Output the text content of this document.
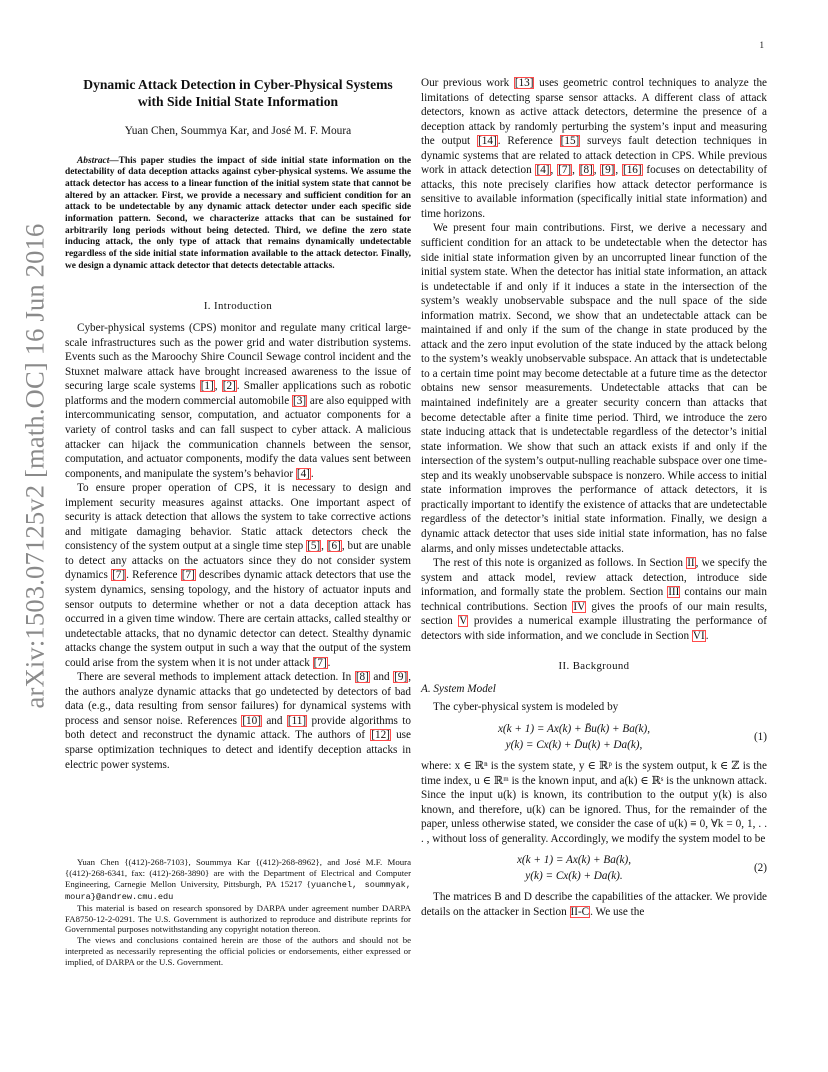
arXiv:1503.07125v2 [math.OC] 16 Jun 2016
1
Dynamic Attack Detection in Cyber-Physical Systems
with Side Initial State Information
Yuan Chen, Soummya Kar, and José M. F. Moura
Abstract—This paper studies the impact of side initial state information on the detectability of data deception attacks against cyber-physical systems. We assume the attack detector has access to a linear function of the initial system state that cannot be altered by an attacker. First, we provide a necessary and sufficient condition for an attack to be undetectable by any dynamic attack detector under each specific side information pattern. Second, we characterize attacks that can be sustained for arbitrarily long periods without being detected. Third, we define the zero state inducing attack, the only type of attack that remains dynamically undetectable regardless of the side initial state information available to the attack detector. Finally, we design a dynamic attack detector that detects detectable attacks.
I. Introduction

Cyber-physical systems (CPS) monitor and regulate many critical large-scale infrastructures such as the power grid and water distribution systems. Events such as the Maroochy Shire Council Sewage control incident and the Stuxnet malware attack have brought increased awareness to the issue of securing large scale systems [1], [2]. Smaller applications such as robotic platforms and the modern commercial automobile [3] are also equipped with intercommunicating sensor, computation, and actuator components for a variety of control tasks and can fall suspect to cyber attack. A malicious attacker can hijack the communication channels between the sensor, computation, and actuator components, modify the data values sent between components, and manipulate the system’s behavior [4].

To ensure proper operation of CPS, it is necessary to design and implement security measures against attacks. One important aspect of security is attack detection that allows the system to take corrective actions and mitigate damaging behavior. Static attack detectors check the consistency of the system output at a single time step [5], [6], but are unable to detect any attacks on the actuators since they do not consider system dynamics [7]. Reference [7] describes dynamic attack detectors that use the system dynamics, sensing topology, and the history of actuator inputs and sensor outputs to determine whether or not a data deception attack has occurred in a given time window. There are certain attacks, called stealthy or undetectable attacks, that no dynamic detector can detect. Stealthy dynamic attacks change the system output in such a way that the output of the system could arise from the system when it is not under attack [7].

There are several methods to implement attack detection. In [8] and [9], the authors analyze dynamic attacks that go undetected by detectors of bad data (e.g., data resulting from sensor failures) for dynamical systems with process and sensor noise. References [10] and [11] provide algorithms to both detect and reconstruct the dynamic attack. The authors of [12] use sparse optimization techniques to detect and identify deception attacks in electric power systems.

Yuan Chen {(412)-268-7103}, Soummya Kar {(412)-268-8962}, and José M.F. Moura {(412)-268-6341, fax: (412)-268-3890} are with the Department of Electrical and Computer Engineering, Carnegie Mellon University, Pittsburgh, PA 15217 {yuanchel, soummyak, moura}@andrew.cmu.edu

This material is based on research sponsored by DARPA under agreement number DARPA FA8750-12-2-0291. The U.S. Government is authorized to reproduce and distribute reprints for Governmental purposes notwithstanding any copyright notation thereon.

The views and conclusions contained herein are those of the authors and should not be interpreted as necessarily representing the official policies or endorsements, either expressed or implied, of DARPA or the U.S. Government.

Our previous work [13] uses geometric control techniques to analyze the limitations of detecting sparse sensor attacks. A different class of attack detectors, known as active attack detectors, determine the presence of a deception attack by randomly perturbing the system’s input and measuring the output [14]. Reference [15] surveys fault detection techniques in dynamic systems that are related to attack detection in CPS. While previous work in attack detection [4], [7], [8], [9], [16] focuses on detectability of attacks, this note precisely clarifies how attack detector performance is sensitive to available information (specifically initial state information) and time horizons.

We present four main contributions. First, we derive a necessary and sufficient condition for an attack to be undetectable when the detector has side initial state information given by an uncorrupted linear function of the initial system state. When the detector has initial state information, an attack is undetectable if and only if it induces a state in the intersection of the system’s weakly unobservable subspace and the null space of the side information matrix. Second, we show that an undetectable attack can be maintained if and only if the sum of the change in state produced by the attack and the zero input evolution of the state induced by the attack belong to the system’s weakly unobservable subspace. An attack that is undetectable to a certain time point may become detectable at a future time as the detector obtains new sensor measurements. Undetectable attacks that can be maintained indefinitely are a greater security concern than attacks that become detectable after a finite time period. Third, we introduce the zero state inducing attack that is undetectable regardless of the detector’s initial state information. We show that such an attack exists if and only if the intersection of the system’s output-nulling reachable subspace over one time-step and its weakly unobservable subspace is nonzero. While access to initial state information improves the performance of attack detectors, it is practically important to identify the existence of attacks that are undetectable regardless of the detector’s initial state information. Finally, we design a dynamic attack detector that uses side initial state information, has no false alarms, and only misses undetectable attacks.

The rest of this note is organized as follows. In Section II, we specify the system and attack model, review attack detection, introduce side information, and formally state the problem. Section III contains our main technical contributions. Section IV gives the proofs of our main results, section V provides a numerical example illustrating the performance of detectors with side information, and we conclude in Section VI.

II. Background
A. System Model

The cyber-physical system is modeled by

x(k + 1) = Ax(k) + B̄u(k) + Ba(k),
y(k) = Cx(k) + D̄u(k) + Da(k),
(1)

where: x ∈ ℝⁿ is the system state, y ∈ ℝᵖ is the system output, k ∈ ℤ is the time index, u ∈ ℝᵐ is the known input, and a(k) ∈ ℝˢ is the unknown attack. Since the input u(k) is known, its contribution to the output y(k) is also known, and therefore, u(k) can be ignored. Thus, for the remainder of the paper, unless otherwise stated, we consider the case of u(k) ≡ 0, ∀k = 0, 1, . . . , without loss of generality. Accordingly, we modify the system model to be

x(k + 1) = Ax(k) + Ba(k),
y(k) = Cx(k) + Da(k).
(2)

The matrices B and D describe the capabilities of the attacker. We provide details on the attacker in Section II-C. We use the
